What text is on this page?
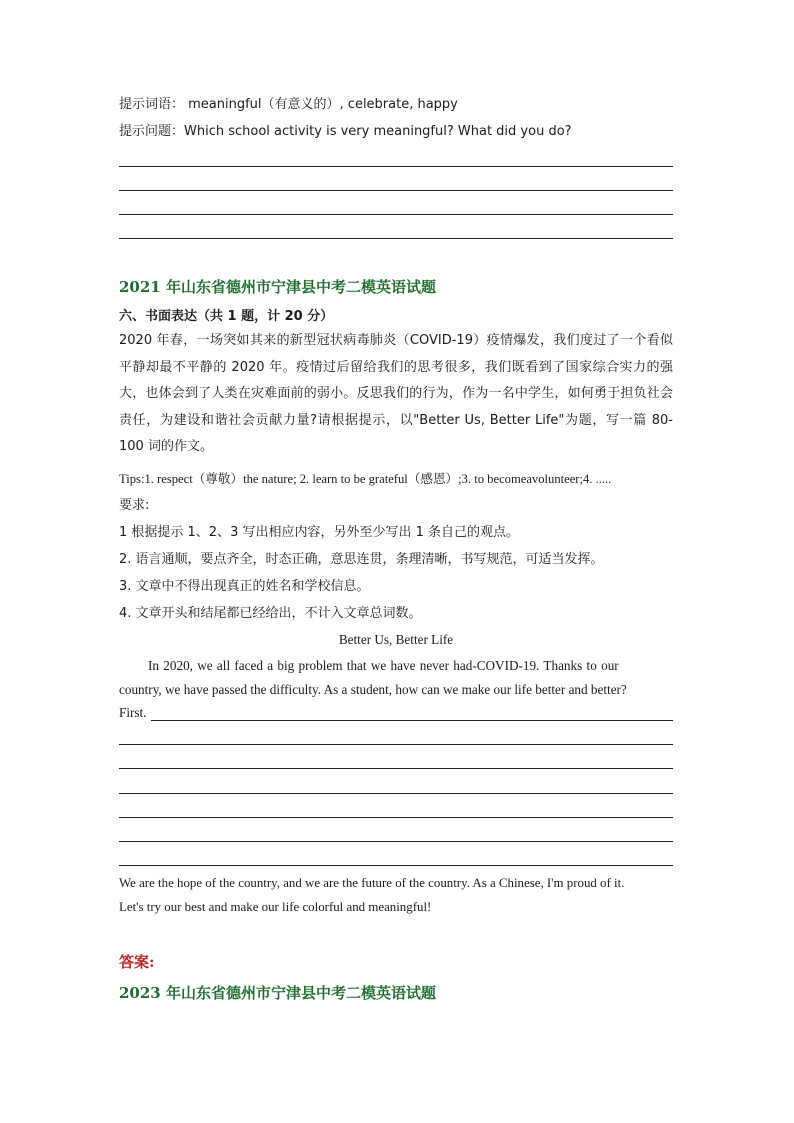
提示词语： meaningful（有意义的）, celebrate, happy
提示问题：Which school activity is very meaningful? What did you do?
2021 年山东省德州市宁津县中考二模英语试题
六、书面表达（共 1 题，计 20 分）
2020 年春，一场突如其来的新型冠状病毒肺炎（COVID-19）疫情爆发，我们度过了一个看似平静却最不平静的 2020 年。疫情过后留给我们的思考很多，我们既看到了国家综合实力的强大，也体会到了人类在灾难面前的弱小。反思我们的行为，作为一名中学生，如何勇于担负社会责任，为建设和谐社会贡献力量?请根据提示，以"Better Us, Better Life"为题，写一篇 80-100 词的作文。
Tips:1. respect（尊敬）the nature; 2. learn to be grateful（感恩）;3. to becomeavolunteer;4. .....
要求:
1 根据提示 1、2、3 写出相应内容，另外至少写出 1 条自己的观点。
2. 语言通顺，要点齐全，时态正确，意思连贯，条理清晰，书写规范，可适当发挥。
3. 文章中不得出现真正的姓名和学校信息。
4. 文章开头和结尾都已经给出，不计入文章总词数。
Better Us, Better Life
In 2020, we all faced a big problem that we have never had-COVID-19. Thanks to our
country, we have passed the difficulty. As a student, how can we make our life better and better?
First.
We are the hope of the country, and we are the future of the country. As a Chinese, I'm proud of it.
Let's try our best and make our life colorful and meaningful!
答案:
2023 年山东省德州市宁津县中考二模英语试题
